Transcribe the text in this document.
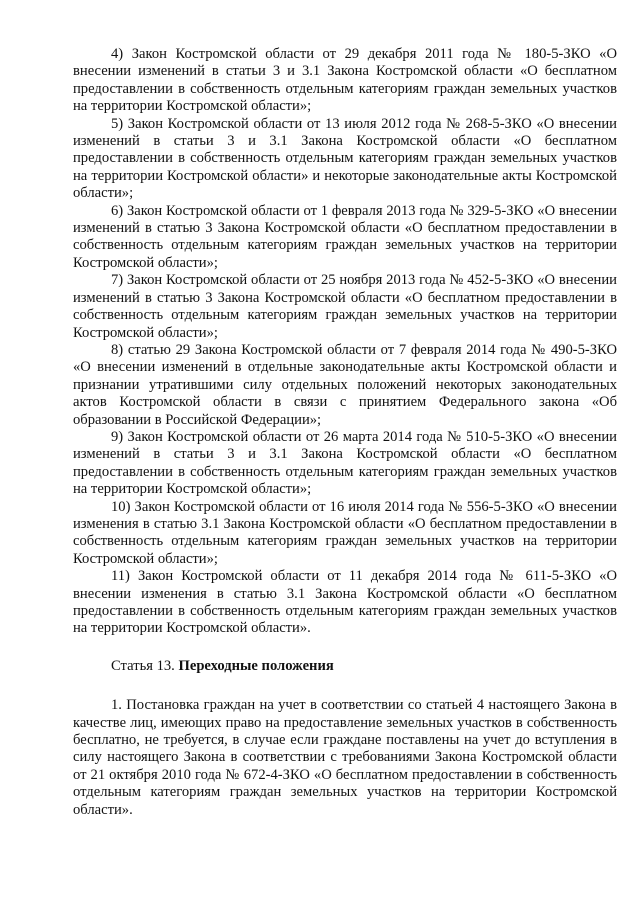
4) Закон Костромской области от 29 декабря 2011 года № 180-5-ЗКО «О внесении изменений в статьи 3 и 3.1 Закона Костромской области «О бесплатном предоставлении в собственность отдельным категориям граждан земельных участков на территории Костромской области»;

5) Закон Костромской области от 13 июля 2012 года № 268-5-ЗКО «О внесении изменений в статьи 3 и 3.1 Закона Костромской области «О бесплатном предоставлении в собственность отдельным категориям граждан земельных участков на территории Костромской области» и некоторые законодательные акты Костромской области»;

6) Закон Костромской области от 1 февраля 2013 года № 329-5-ЗКО «О внесении изменений в статью 3 Закона Костромской области «О бесплатном предоставлении в собственность отдельным категориям граждан земельных участков на территории Костромской области»;

7) Закон Костромской области от 25 ноября 2013 года № 452-5-ЗКО «О внесении изменений в статью 3 Закона Костромской области «О бесплатном предоставлении в собственность отдельным категориям граждан земельных участков на территории Костромской области»;

8) статью 29 Закона Костромской области от 7 февраля 2014 года № 490-5-ЗКО «О внесении изменений в отдельные законодательные акты Костромской области и признании утратившими силу отдельных положений некоторых законодательных актов Костромской области в связи с принятием Федерального закона «Об образовании в Российской Федерации»;

9) Закон Костромской области от 26 марта 2014 года № 510-5-ЗКО «О внесении изменений в статьи 3 и 3.1 Закона Костромской области «О бесплатном предоставлении в собственность отдельным категориям граждан земельных участков на территории Костромской области»;

10) Закон Костромской области от 16 июля 2014 года № 556-5-ЗКО «О внесении изменения в статью 3.1 Закона Костромской области «О бесплатном предоставлении в собственность отдельным категориям граждан земельных участков на территории Костромской области»;

11) Закон Костромской области от 11 декабря 2014 года № 611-5-ЗКО «О внесении изменения в статью 3.1 Закона Костромской области «О бесплатном предоставлении в собственность отдельным категориям граждан земельных участков на территории Костромской области».

Статья 13. Переходные положения

1. Постановка граждан на учет в соответствии со статьей 4 настоящего Закона в качестве лиц, имеющих право на предоставление земельных участков в собственность бесплатно, не требуется, в случае если граждане поставлены на учет до вступления в силу настоящего Закона в соответствии с требованиями Закона Костромской области от 21 октября 2010 года № 672-4-ЗКО «О бесплатном предоставлении в собственность отдельным категориям граждан земельных участков на территории Костромской области».
